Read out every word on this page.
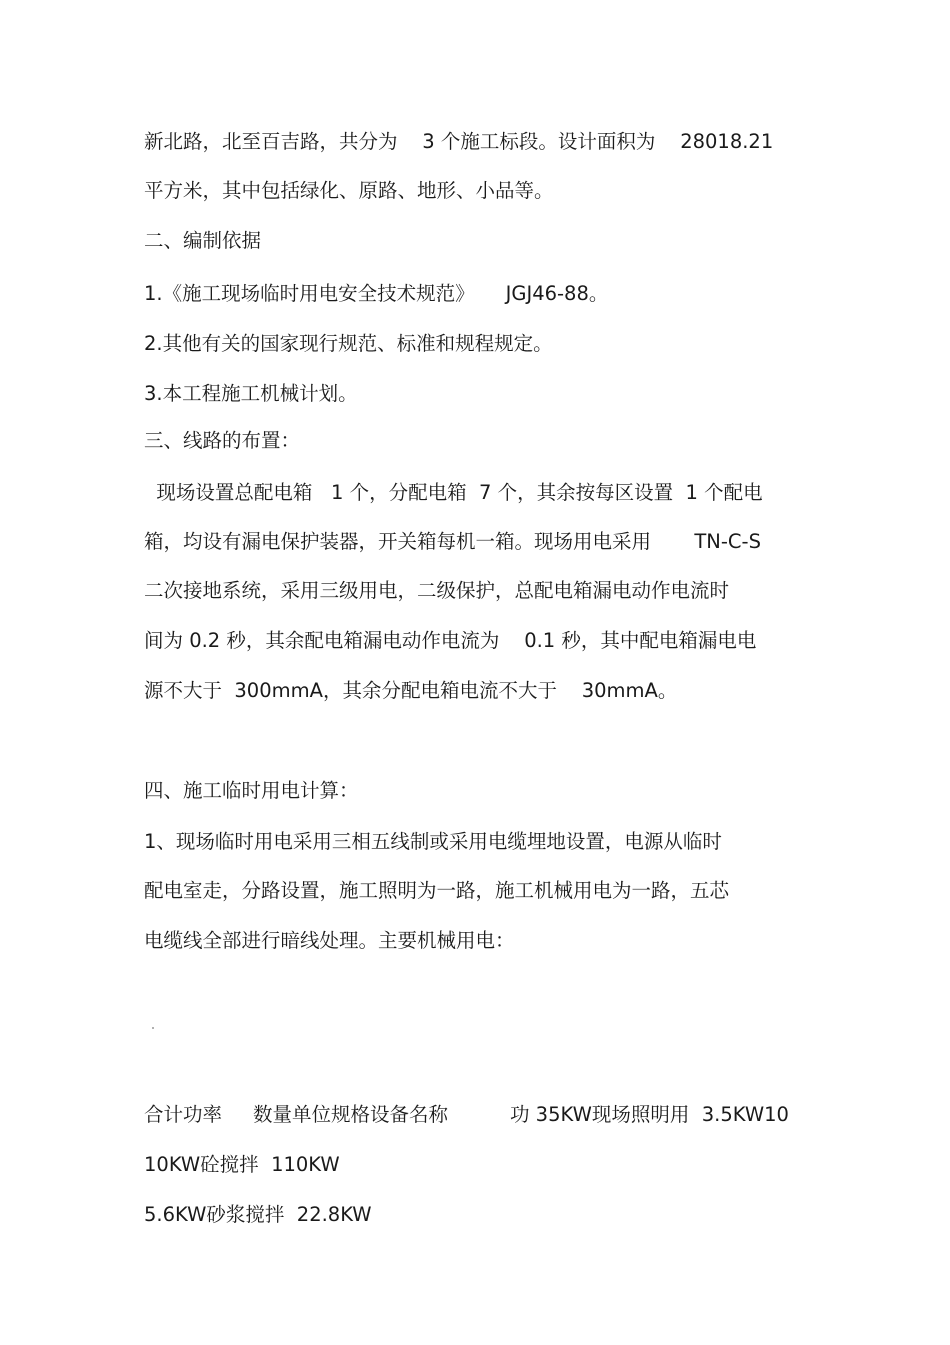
新北路，北至百吉路，共分为    3 个施工标段。设计面积为    28018.21
平方米，其中包括绿化、原路、地形、小品等。
二、编制依据
1.《施工现场临时用电安全技术规范》     JGJ46-88。
2.其他有关的国家现行规范、标准和规程规定。
3.本工程施工机械计划。
三、线路的布置：
现场设置总配电箱   1 个，分配电箱  7 个，其余按每区设置  1 个配电
箱，均设有漏电保护装器，开关箱每机一箱。现场用电采用       TN-C-S
二次接地系统，采用三级用电，二级保护，总配电箱漏电动作电流时
间为 0.2 秒，其余配电箱漏电动作电流为    0.1 秒，其中配电箱漏电电
源不大于  300mmA，其余分配电箱电流不大于    30mmA。
四、施工临时用电计算：
1、现场临时用电采用三相五线制或采用电缆埋地设置，电源从临时
配电室走，分路设置，施工照明为一路，施工机械用电为一路，五芯
电缆线全部进行暗线处理。主要机械用电：
合计功率     数量单位规格设备名称          功 35KW现场照明用  3.5KW10
10KW砼搅拌  110KW
5.6KW砂浆搅拌  22.8KW
